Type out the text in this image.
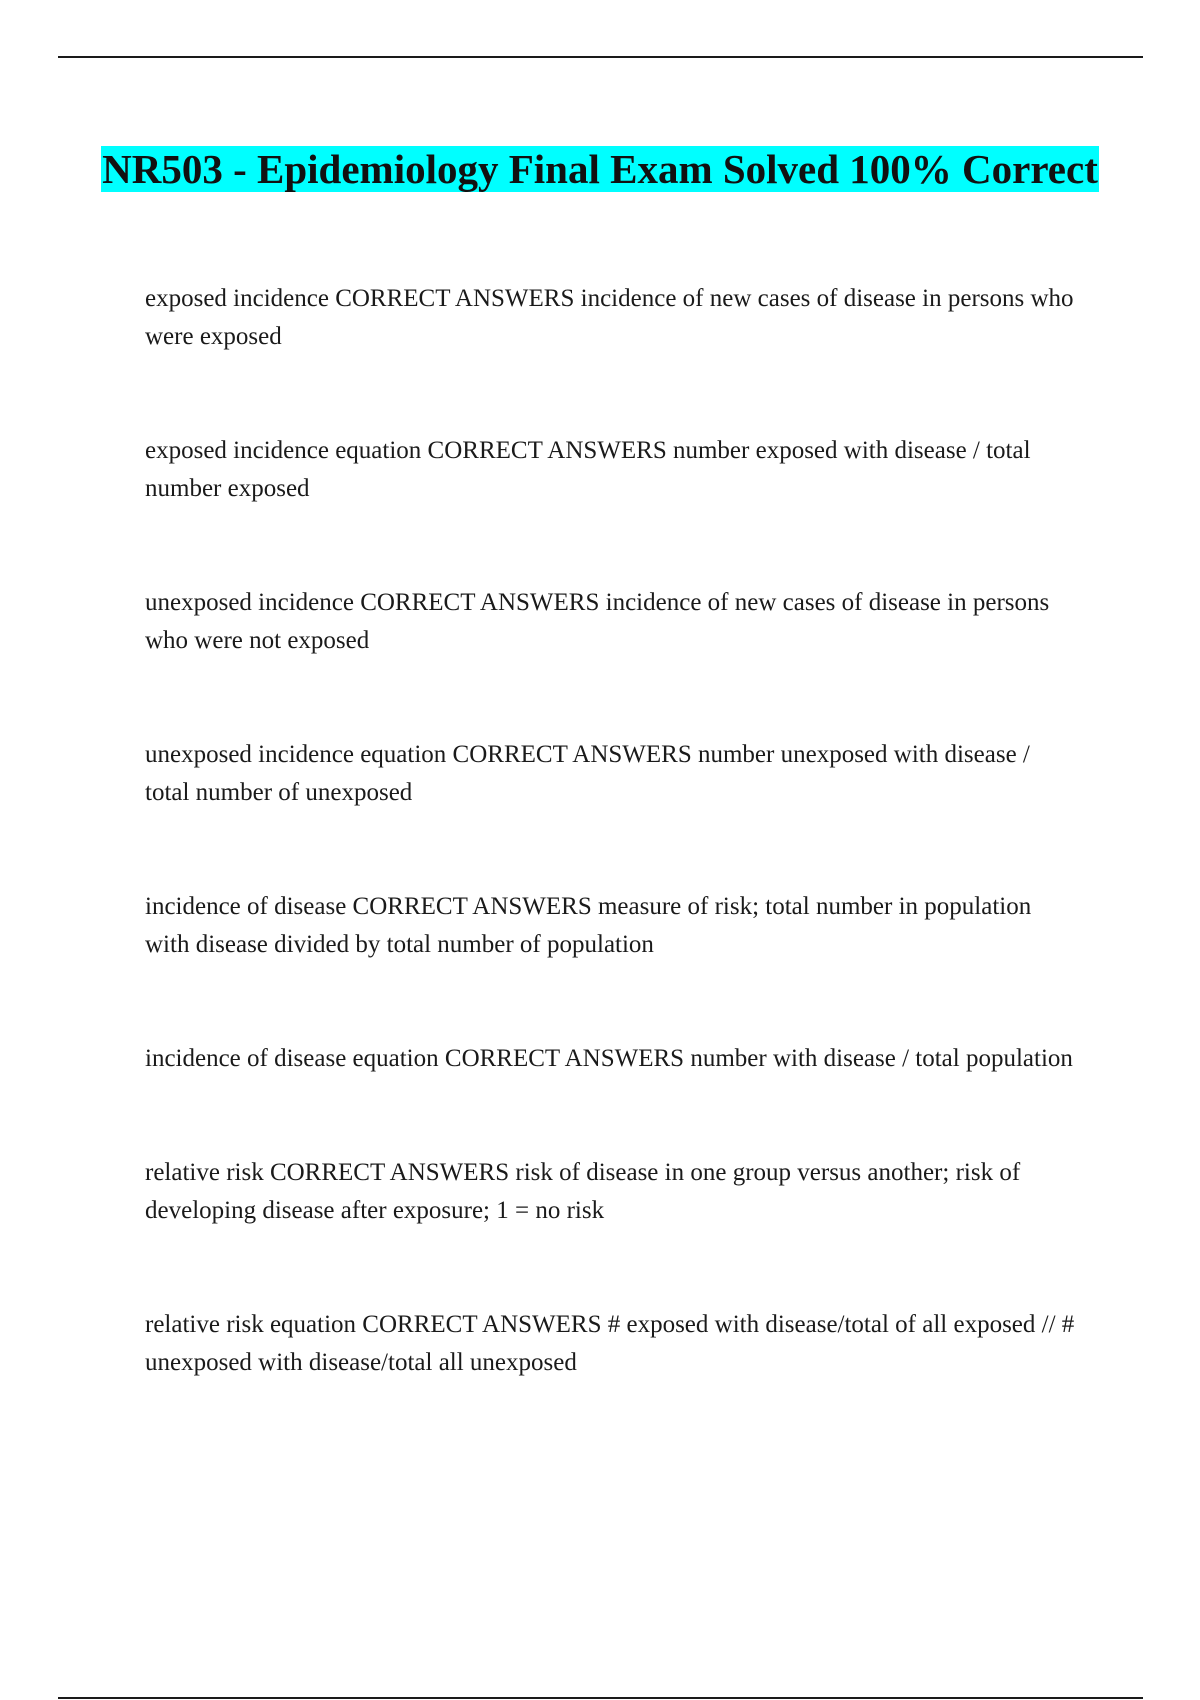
NR503 - Epidemiology Final Exam Solved 100% Correct

exposed incidence CORRECT ANSWERS incidence of new cases of disease in persons who were exposed

exposed incidence equation CORRECT ANSWERS number exposed with disease / total number exposed

unexposed incidence CORRECT ANSWERS incidence of new cases of disease in persons who were not exposed

unexposed incidence equation CORRECT ANSWERS number unexposed with disease / total number of unexposed

incidence of disease CORRECT ANSWERS measure of risk; total number in population with disease divided by total number of population

incidence of disease equation CORRECT ANSWERS number with disease / total population

relative risk CORRECT ANSWERS risk of disease in one group versus another; risk of developing disease after exposure; 1 = no risk

relative risk equation CORRECT ANSWERS # exposed with disease/total of all exposed // # unexposed with disease/total all unexposed
